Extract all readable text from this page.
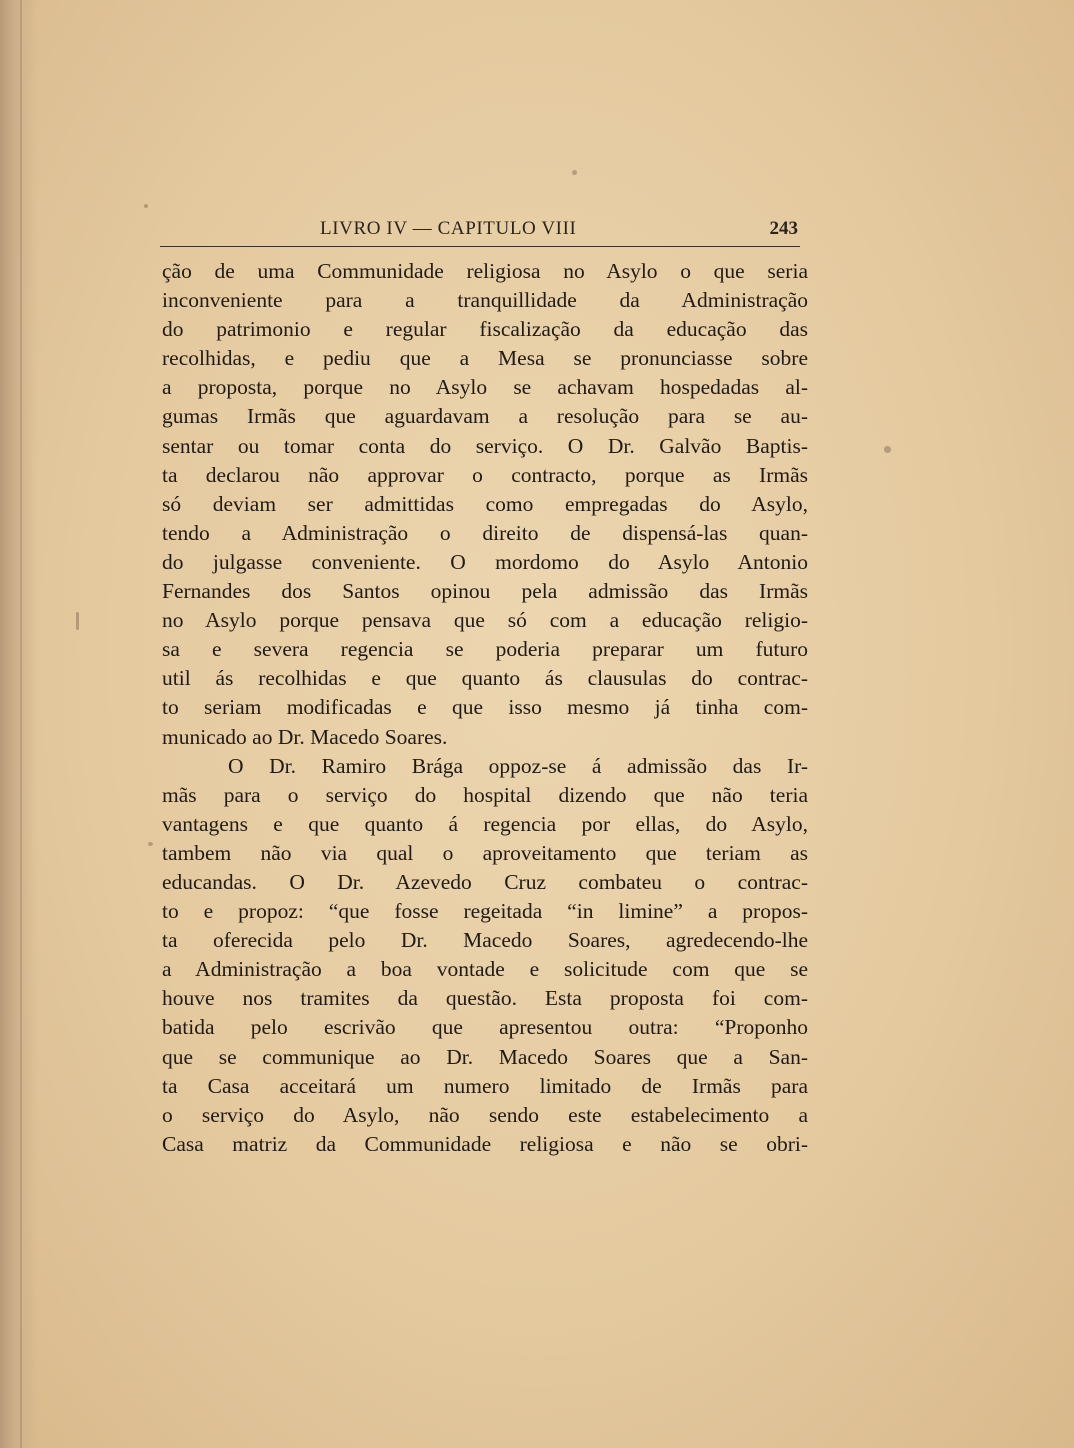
LIVRO IV — CAPITULO VIII	243
ção de uma Communidade religiosa no Asylo o que seria
inconveniente para a tranquillidade da Administração
do patrimonio e regular fiscalização da educação das
recolhidas, e pediu que a Mesa se pronunciasse sobre
a proposta, porque no Asylo se achavam hospedadas al-
gumas Irmãs que aguardavam a resolução para se au-
sentar ou tomar conta do serviço. O Dr. Galvão Baptis-
ta declarou não approvar o contracto, porque as Irmãs
só deviam ser admittidas como empregadas do Asylo,
tendo a Administração o direito de dispensá-las quan-
do julgasse conveniente. O mordomo do Asylo Antonio
Fernandes dos Santos opinou pela admissão das Irmãs
no Asylo porque pensava que só com a educação religio-
sa e severa regencia se poderia preparar um futuro
util ás recolhidas e que quanto ás clausulas do contrac-
to seriam modificadas e que isso mesmo já tinha com-
municado ao Dr. Macedo Soares.
O Dr. Ramiro Brága oppoz-se á admissão das Ir-
mãs para o serviço do hospital dizendo que não teria
vantagens e que quanto á regencia por ellas, do Asylo,
tambem não via qual o aproveitamento que teriam as
educandas. O Dr. Azevedo Cruz combateu o contrac-
to e propoz: “que fosse regeitada “in limine” a propos-
ta oferecida pelo Dr. Macedo Soares, agredecendo-lhe
a Administração a boa vontade e solicitude com que se
houve nos tramites da questão. Esta proposta foi com-
batida pelo escrivão que apresentou outra: “Proponho
que se communique ao Dr. Macedo Soares que a San-
ta Casa acceitará um numero limitado de Irmãs para
o serviço do Asylo, não sendo este estabelecimento a
Casa matriz da Communidade religiosa e não se obri-
